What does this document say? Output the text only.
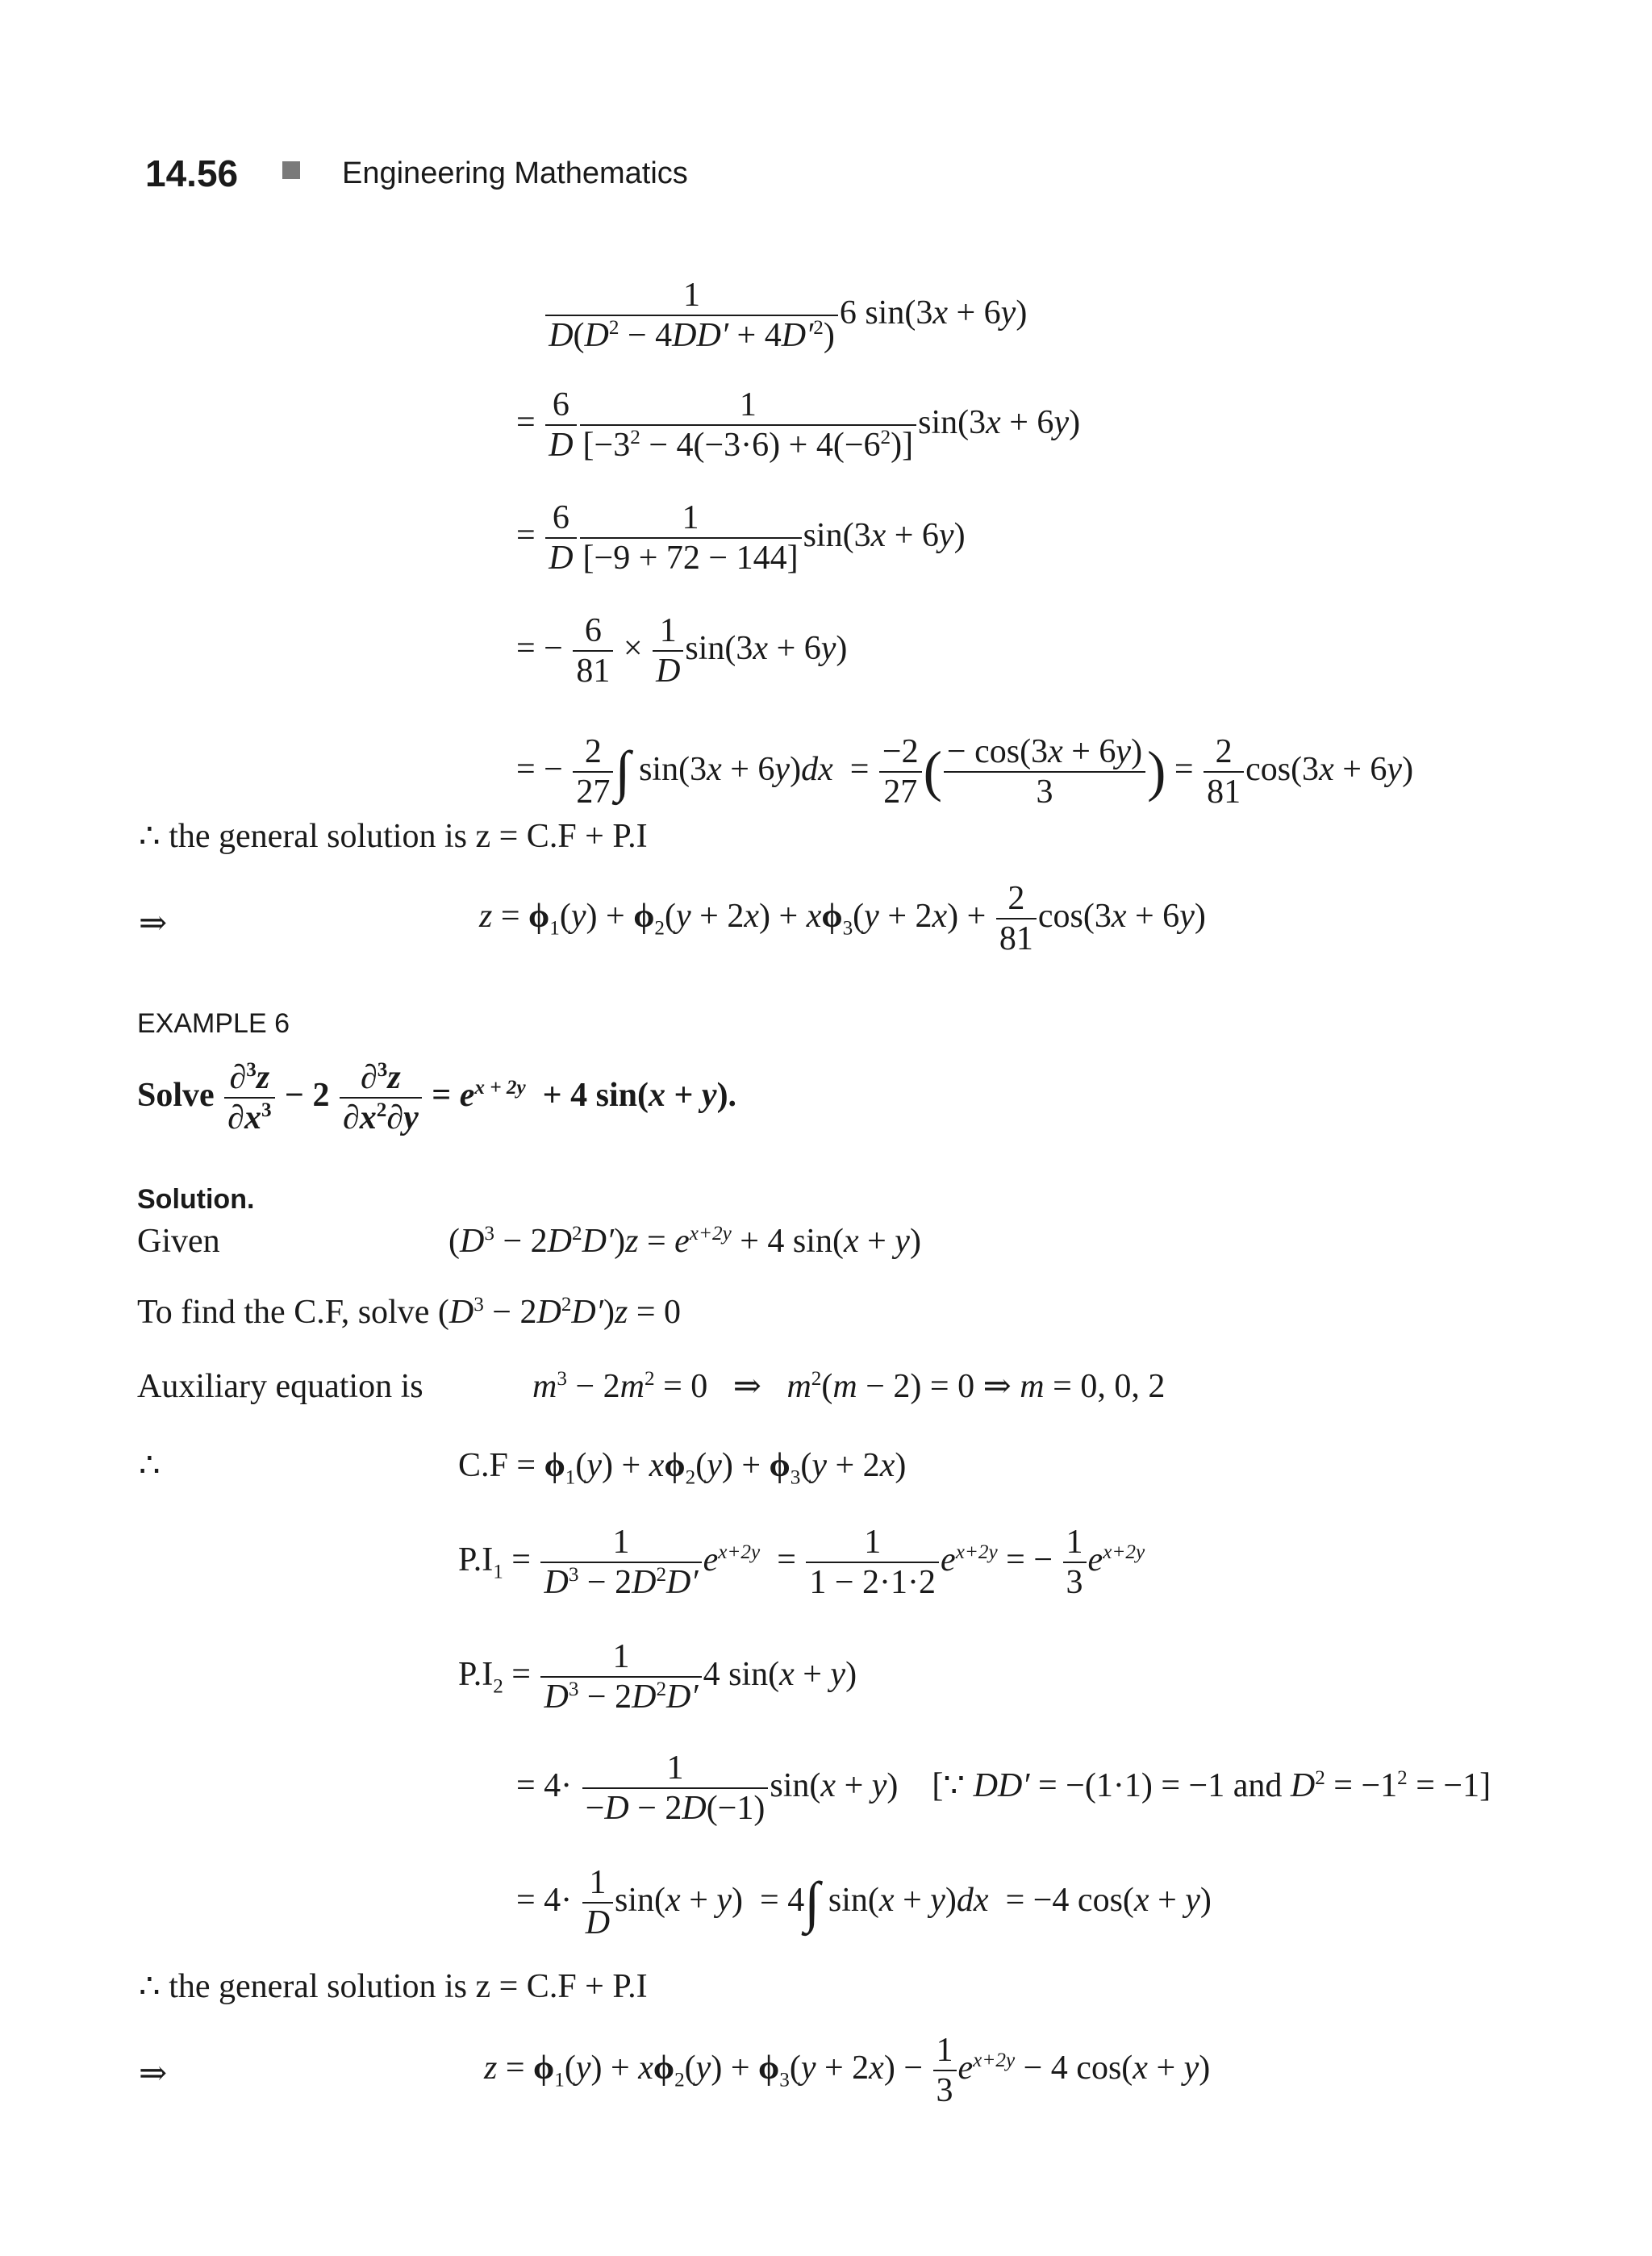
14.56	Engineering Mathematics
$\frac{1}{D(D^2 - 4DD' + 4D'^2)} 6$ sin(3x + 6y)
= $\frac{6}{D} \frac{1}{[-3^2 - 4(-3\cdot 6) + 4(-6^2)]} \sin(3x + 6y)$
= $\frac{6}{D} \frac{1}{[-9 + 72 - 144]} \sin(3x + 6y)$
= − $\frac{6}{81} \times \frac{1}{D} \sin(3x + 6y)$
= − $\frac{2}{27}$ ∫ $\sin(3x + 6y)dx = \frac{-2}{27}$ ( $\frac{- \cos(3x + 6y)}{3}$ ) = $\frac{2}{81} \cos(3x + 6y)$
∴ the general solution is z = C.F + P.I
⇒	$z = \phi_1(y) + \phi_2(y + 2x) + x\phi_3(y + 2x) + \frac{2}{81} \cos(3x + 6y)$
EXAMPLE 6
Solve $\frac{\partial^3z}{\partial x^3} - 2 \frac{\partial^3z}{\partial x^2\partial y} = e^{x + 2y} + 4$ sin(x + y).
Solution.
Given	$(D^3 - 2D^2D')z = e^{x+2y} + 4$ sin(x + y)
To find the C.F, solve $(D^3 - 2D^2D')z = 0$
Auxiliary equation is	$m^3 - 2m^2 = 0$   ⇒   $m^2(m - 2) = 0$ ⇒ m = 0, 0, 2
∴	$C.F = \phi_1(y) + x\phi_2(y) + \phi_3(y + 2x)$
$P.I_1 = \frac{1}{D^3 - 2D^2D'} e^{x+2y} = \frac{1}{1 - 2\cdot 1\cdot 2} e^{x+2y}$ = − $\frac{1}{3} e^{x+2y}$
$P.I_2 = \frac{1}{D^3 - 2D^2D'} 4$ sin(x + y)
= $4\cdot \frac{1}{-D - 2D(-1)} \sin(x + y)$    [∵ DD′ = −(1·1) = −1 and $D^2 = -1^2 = -1$]
= $4\cdot \frac{1}{D} \sin(x + y) = 4\int$ sin(x + y)dx  = −4 cos(x + y)
∴ the general solution is z = C.F + P.I
⇒	$z = \phi_1(y) + x\phi_2(y) + \phi_3(y + 2x) - \frac{1}{3} e^{x+2y} - 4$ cos(x + y)
